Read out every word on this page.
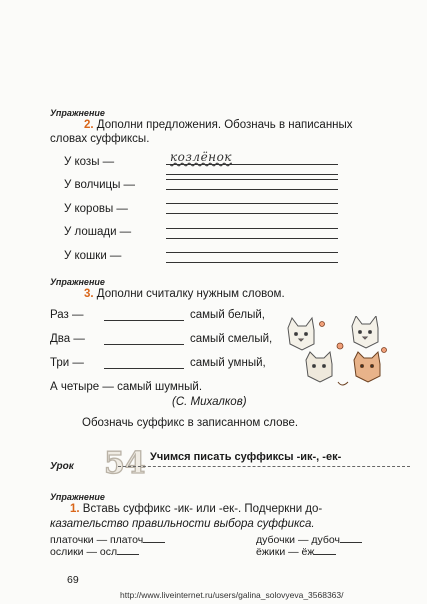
Упражнение
2. Дополни предложения. Обозначь в написанных
словах суффиксы.
У козы —	козлёнок
У волчицы —
У коровы —
У лошади —
У кошки —
Упражнение
3. Дополни считалку нужным словом.
Раз —	самый белый,
Два —	самый смелый,
Три —	самый умный,
А четыре — самый шумный.
(С. Михалков)
Обозначь суффикс в записанном слове.
Урок 54 Учимся писать суффиксы -ик-, -ек-
Упражнение
1. Вставь суффикс -ик- или -ек-. Подчеркни до-
казательство правильности выбора суффикса.
платочки — платоч
ослики — осл
дубочки — дубоч
ёжики — ёж
69
http://www.liveinternet.ru/users/galina_solovyeva_3568363/
